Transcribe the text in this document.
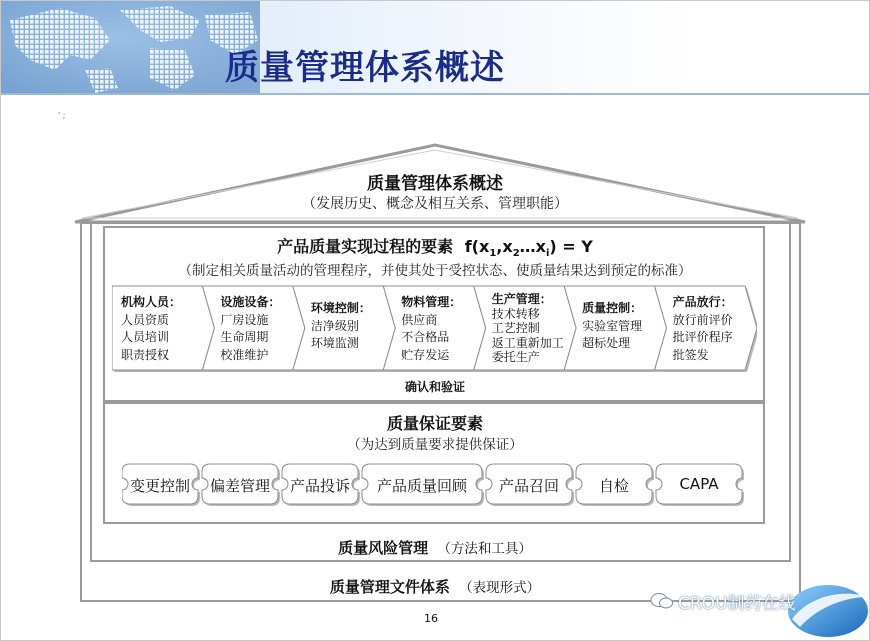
质量管理体系概述
' ;
质量管理体系概述
（发展历史、概念及相互关系、管理职能）
产品质量实现过程的要素 $f(x_1,x_2\dots x_i) = Y$
（制定相关质量活动的管理程序，并使其处于受控状态、使质量结果达到预定的标准）
机构人员：
人员资质
人员培训
职责授权
设施设备：
厂房设施
生命周期
校准维护
环境控制：
洁净级别
环境监测
物料管理：
供应商
不合格品
贮存发运
生产管理：
技术转移
工艺控制
返工重新加工
委托生产
质量控制：
实验室管理
超标处理
产品放行：
放行前评价
批评价程序
批签发
确认和验证
质量保证要素
（为达到质量要求提供保证）
变更控制	偏差管理	产品投诉	产品质量回顾	产品召回	自检	CAPA
质量风险管理 （方法和工具）
质量管理文件体系 （表现形式）
16
CROU制药在线
